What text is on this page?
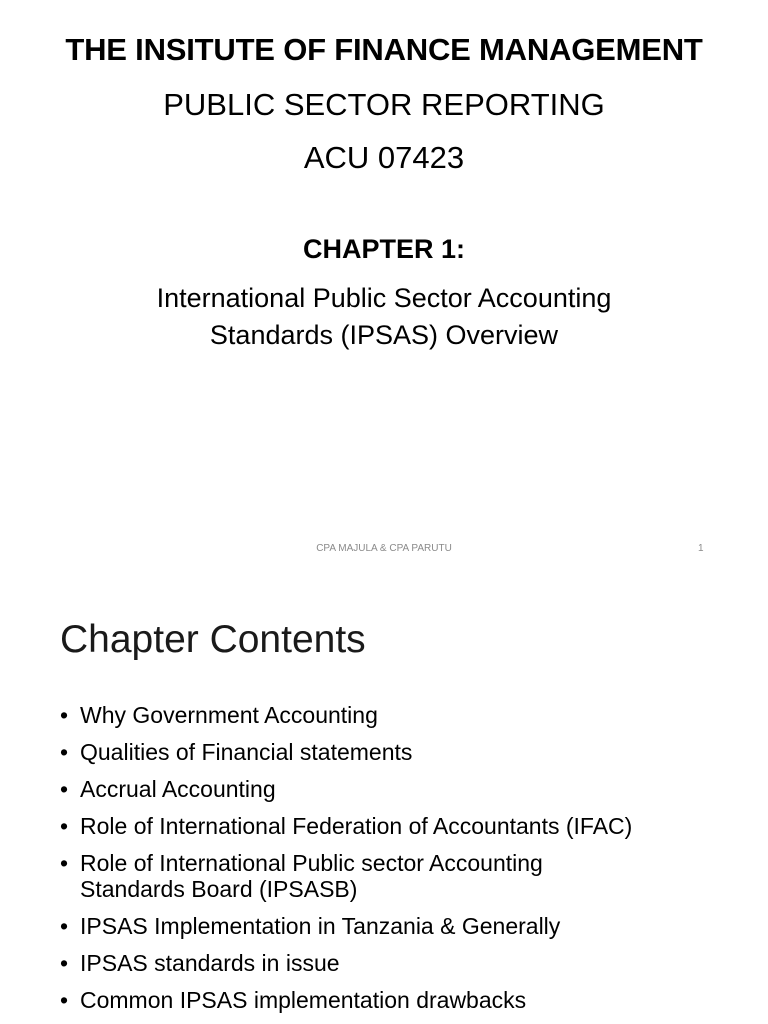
THE INSITUTE OF FINANCE MANAGEMENT
PUBLIC SECTOR REPORTING
ACU 07423
CHAPTER 1:
International Public Sector Accounting
Standards (IPSAS) Overview
CPA MAJULA & CPA PARUTU	1
Chapter Contents
• Why Government Accounting
• Qualities of Financial statements
• Accrual Accounting
• Role of International Federation of Accountants (IFAC)
• Role of International Public sector Accounting Standards Board (IPSASB)
• IPSAS Implementation in Tanzania & Generally
• IPSAS standards in issue
• Common IPSAS implementation drawbacks
